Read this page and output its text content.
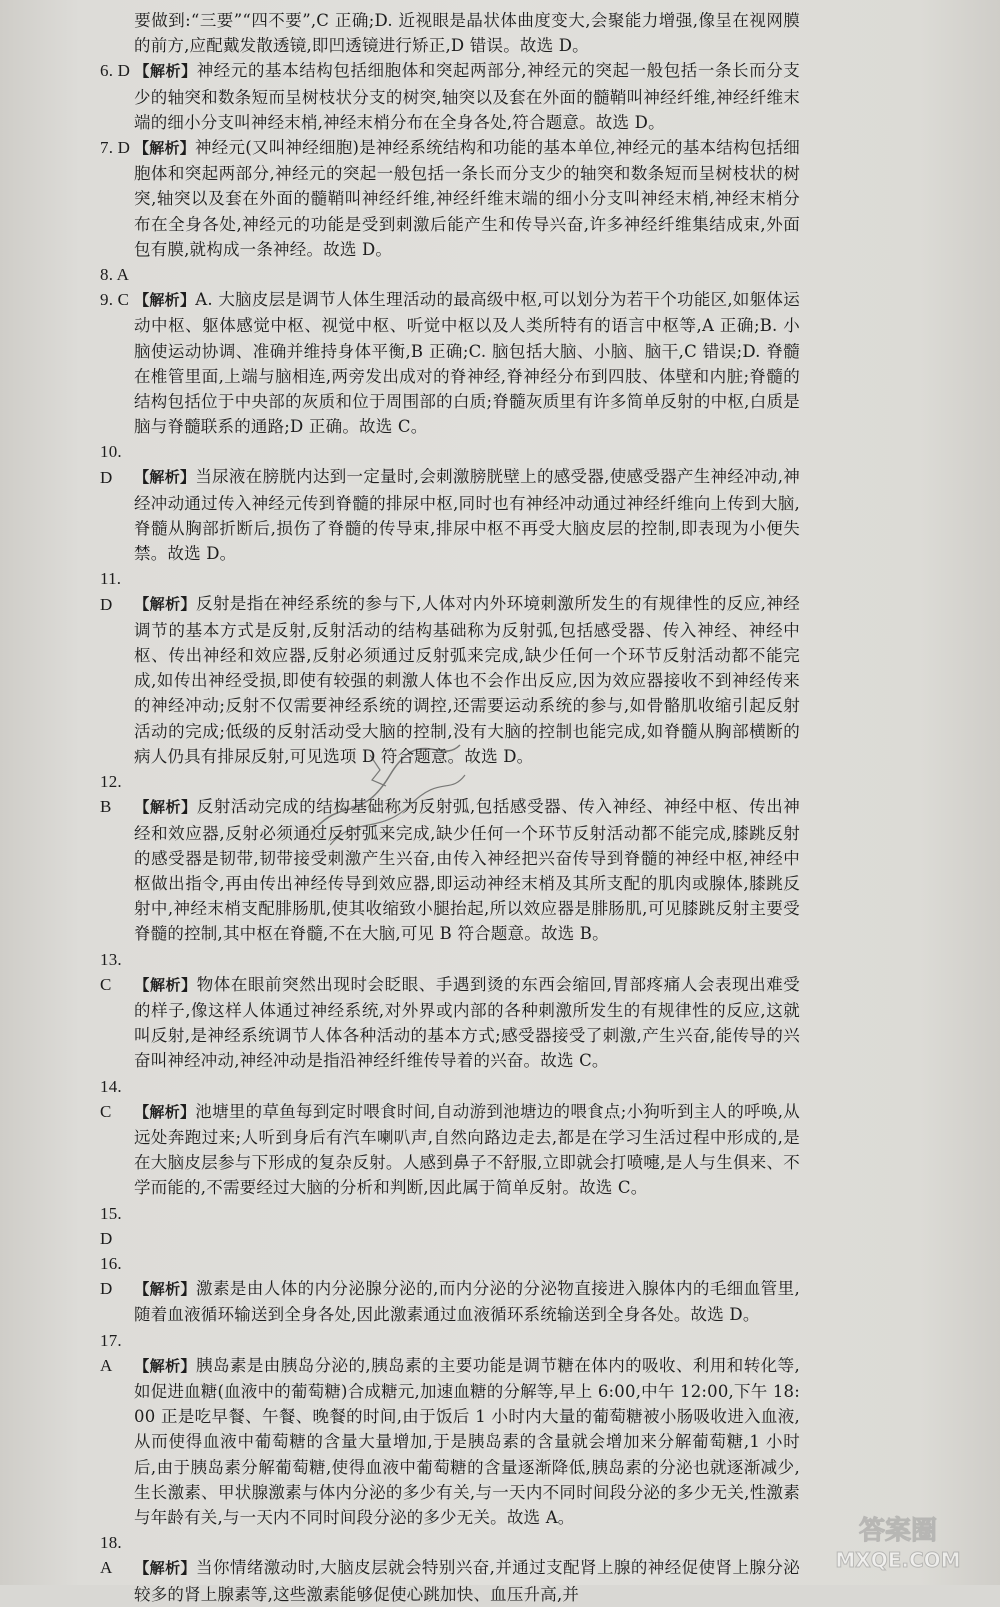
要做到:“三要”“四不要”,C 正确;D. 近视眼是晶状体曲度变大,会聚能力增强,像呈在视网膜的前方,应配戴发散透镜,即凹透镜进行矫正,D 错误。故选 D。

6. D 【解析】神经元的基本结构包括细胞体和突起两部分,神经元的突起一般包括一条长而分支少的轴突和数条短而呈树枝状分支的树突,轴突以及套在外面的髓鞘叫神经纤维,神经纤维末端的细小分支叫神经末梢,神经末梢分布在全身各处,符合题意。故选 D。

7. D 【解析】神经元(又叫神经细胞)是神经系统结构和功能的基本单位,神经元的基本结构包括细胞体和突起两部分,神经元的突起一般包括一条长而分支少的轴突和数条短而呈树枝状的树突,轴突以及套在外面的髓鞘叫神经纤维,神经纤维末端的细小分支叫神经末梢,神经末梢分布在全身各处,神经元的功能是受到刺激后能产生和传导兴奋,许多神经纤维集结成束,外面包有膜,就构成一条神经。故选 D。

8. A

9. C 【解析】A. 大脑皮层是调节人体生理活动的最高级中枢,可以划分为若干个功能区,如躯体运动中枢、躯体感觉中枢、视觉中枢、听觉中枢以及人类所特有的语言中枢等,A 正确;B. 小脑使运动协调、准确并维持身体平衡,B 正确;C. 脑包括大脑、小脑、脑干,C 错误;D. 脊髓在椎管里面,上端与脑相连,两旁发出成对的脊神经,脊神经分布到四肢、体壁和内脏;脊髓的结构包括位于中央部的灰质和位于周围部的白质;脊髓灰质里有许多简单反射的中枢,白质是脑与脊髓联系的通路;D 正确。故选 C。

10. D 【解析】当尿液在膀胱内达到一定量时,会刺激膀胱壁上的感受器,使感受器产生神经冲动,神经冲动通过传入神经元传到脊髓的排尿中枢,同时也有神经冲动通过神经纤维向上传到大脑,脊髓从胸部折断后,损伤了脊髓的传导束,排尿中枢不再受大脑皮层的控制,即表现为小便失禁。故选 D。

11. D 【解析】反射是指在神经系统的参与下,人体对内外环境刺激所发生的有规律性的反应,神经调节的基本方式是反射,反射活动的结构基础称为反射弧,包括感受器、传入神经、神经中枢、传出神经和效应器,反射必须通过反射弧来完成,缺少任何一个环节反射活动都不能完成,如传出神经受损,即使有较强的刺激人体也不会作出反应,因为效应器接收不到神经传来的神经冲动;反射不仅需要神经系统的调控,还需要运动系统的参与,如骨骼肌收缩引起反射活动的完成;低级的反射活动受大脑的控制,没有大脑的控制也能完成,如脊髓从胸部横断的病人仍具有排尿反射,可见选项 D 符合题意。故选 D。

12. B 【解析】反射活动完成的结构基础称为反射弧,包括感受器、传入神经、神经中枢、传出神经和效应器,反射必须通过反射弧来完成,缺少任何一个环节反射活动都不能完成,膝跳反射的感受器是韧带,韧带接受刺激产生兴奋,由传入神经把兴奋传导到脊髓的神经中枢,神经中枢做出指令,再由传出神经传导到效应器,即运动神经末梢及其所支配的肌肉或腺体,膝跳反射中,神经末梢支配腓肠肌,使其收缩致小腿抬起,所以效应器是腓肠肌,可见膝跳反射主要受脊髓的控制,其中枢在脊髓,不在大脑,可见 B 符合题意。故选 B。

13. C 【解析】物体在眼前突然出现时会眨眼、手遇到烫的东西会缩回,胃部疼痛人会表现出难受的样子,像这样人体通过神经系统,对外界或内部的各种刺激所发生的有规律性的反应,这就叫反射,是神经系统调节人体各种活动的基本方式;感受器接受了刺激,产生兴奋,能传导的兴奋叫神经冲动,神经冲动是指沿神经纤维传导着的兴奋。故选 C。

14. C 【解析】池塘里的草鱼每到定时喂食时间,自动游到池塘边的喂食点;小狗听到主人的呼唤,从远处奔跑过来;人听到身后有汽车喇叭声,自然向路边走去,都是在学习生活过程中形成的,是在大脑皮层参与下形成的复杂反射。人感到鼻子不舒服,立即就会打喷嚏,是人与生俱来、不学而能的,不需要经过大脑的分析和判断,因此属于简单反射。故选 C。

15. D

16. D 【解析】激素是由人体的内分泌腺分泌的,而内分泌的分泌物直接进入腺体内的毛细血管里,随着血液循环输送到全身各处,因此激素通过血液循环系统输送到全身各处。故选 D。

17. A 【解析】胰岛素是由胰岛分泌的,胰岛素的主要功能是调节糖在体内的吸收、利用和转化等,如促进血糖(血液中的葡萄糖)合成糖元,加速血糖的分解等,早上 6:00,中午 12:00,下午 18:00 正是吃早餐、午餐、晚餐的时间,由于饭后 1 小时内大量的葡萄糖被小肠吸收进入血液,从而使得血液中葡萄糖的含量大量增加,于是胰岛素的含量就会增加来分解葡萄糖,1 小时后,由于胰岛素分解葡萄糖,使得血液中葡萄糖的含量逐渐降低,胰岛素的分泌也就逐渐减少,生长激素、甲状腺激素与体内分泌的多少有关,与一天内不同时间段分泌的多少无关,性激素与年龄有关,与一天内不同时间段分泌的多少无关。故选 A。

18. A 【解析】当你情绪激动时,大脑皮层就会特别兴奋,并通过支配肾上腺的神经促使肾上腺分泌较多的肾上腺素等,这些激素能够促使心跳加快、血压升高,并

答案圈
MXQE.COM
